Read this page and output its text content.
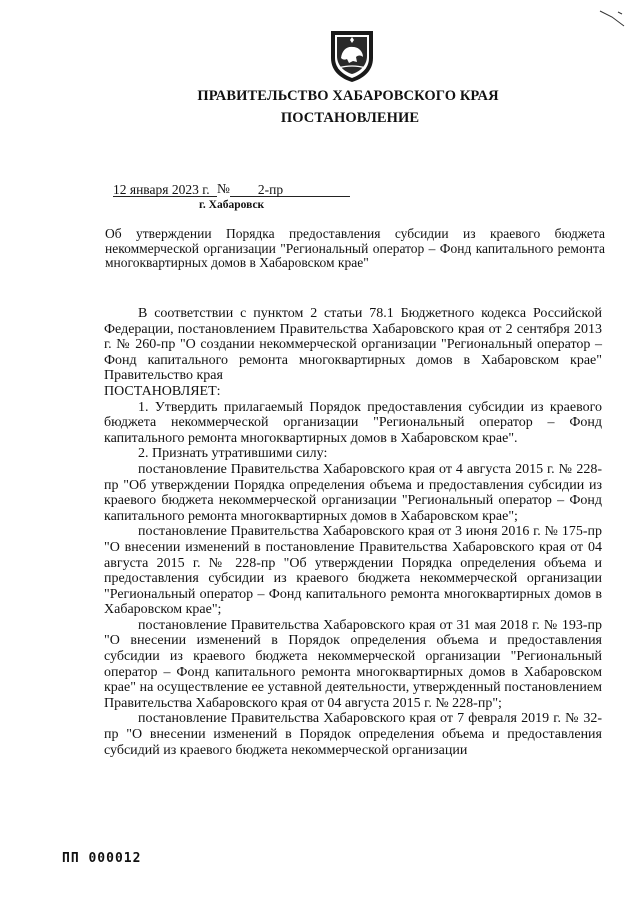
ПРАВИТЕЛЬСТВО ХАБАРОВСКОГО КРАЯ
ПОСТАНОВЛЕНИЕ
12 января 2023 г. № 2-пр
г. Хабаровск

Об утверждении Порядка предоставления субсидии из краевого бюджета некоммерческой организации "Региональный оператор – Фонд капитального ремонта многоквартирных домов в Хабаровском крае"

В соответствии с пунктом 2 статьи 78.1 Бюджетного кодекса Российской Федерации, постановлением Правительства Хабаровского края от 2 сентября 2013 г. № 260-пр "О создании некоммерческой организации "Региональный оператор – Фонд капитального ремонта многоквартирных домов в Хабаровском крае" Правительство края

ПОСТАНОВЛЯЕТ:

1. Утвердить прилагаемый Порядок предоставления субсидии из краевого бюджета некоммерческой организации "Региональный оператор – Фонд капитального ремонта многоквартирных домов в Хабаровском крае".

2. Признать утратившими силу:

постановление Правительства Хабаровского края от 4 августа 2015 г. № 228-пр "Об утверждении Порядка определения объема и предоставления субсидии из краевого бюджета некоммерческой организации "Региональный оператор – Фонд капитального ремонта многоквартирных домов в Хабаровском крае";

постановление Правительства Хабаровского края от 3 июня 2016 г. № 175-пр "О внесении изменений в постановление Правительства Хабаровского края от 04 августа 2015 г. № 228-пр "Об утверждении Порядка определения объема и предоставления субсидии из краевого бюджета некоммерческой организации "Региональный оператор – Фонд капитального ремонта многоквартирных домов в Хабаровском крае";

постановление Правительства Хабаровского края от 31 мая 2018 г. № 193-пр "О внесении изменений в Порядок определения объема и предоставления субсидии из краевого бюджета некоммерческой организации "Региональный оператор – Фонд капитального ремонта многоквартирных домов в Хабаровском крае" на осуществление ее уставной деятельности, утвержденный постановлением Правительства Хабаровского края от 04 августа 2015 г. № 228-пр";

постановление Правительства Хабаровского края от 7 февраля 2019 г. № 32-пр "О внесении изменений в Порядок определения объема и предоставления субсидий из краевого бюджета некоммерческой организации

ПП 000012
